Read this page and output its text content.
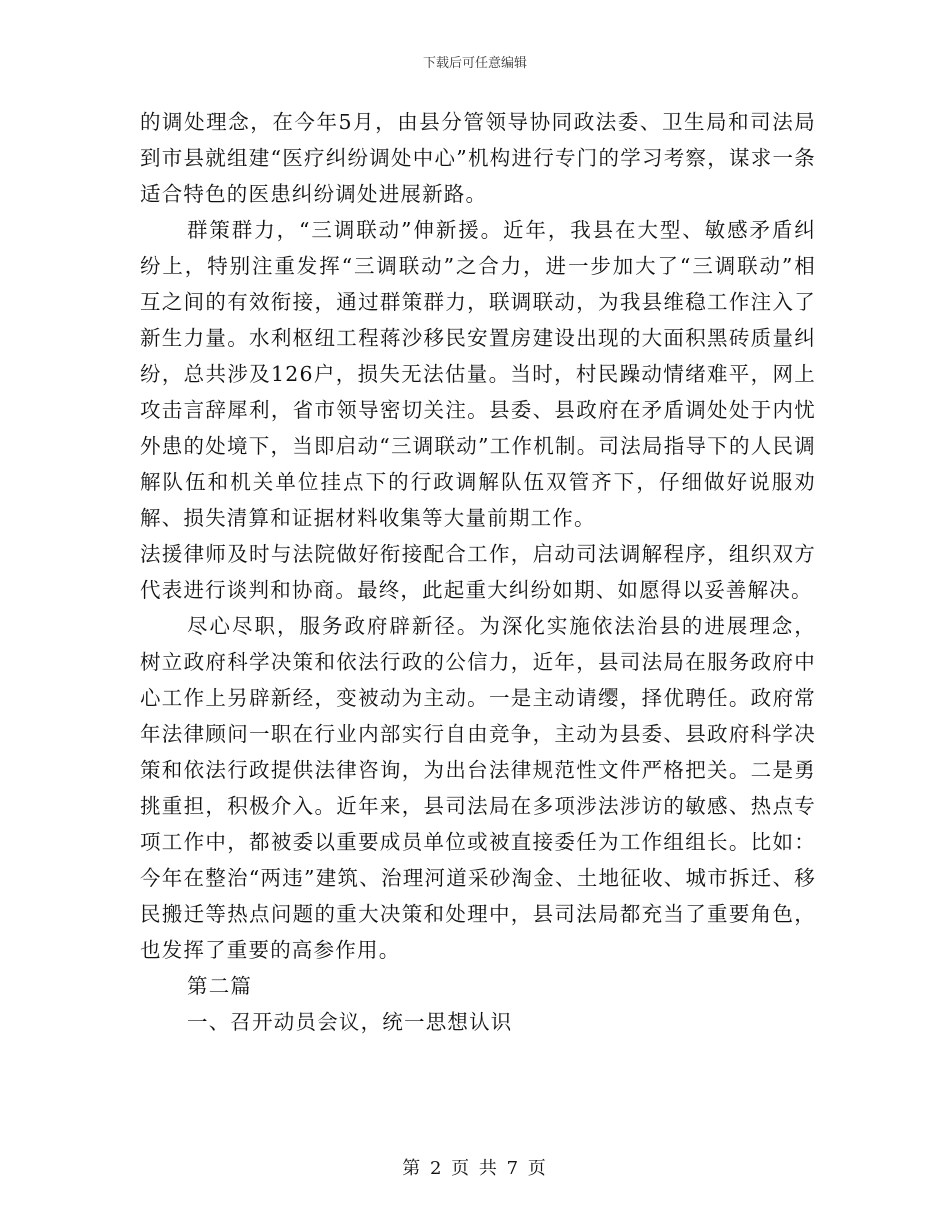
下载后可任意编辑

的调处理念，在今年5月，由县分管领导协同政法委、卫生局和司法局到市县就组建“医疗纠纷调处中心”机构进行专门的学习考察，谋求一条适合特色的医患纠纷调处进展新路。

群策群力，“三调联动”伸新援。近年，我县在大型、敏感矛盾纠纷上，特别注重发挥“三调联动”之合力，进一步加大了“三调联动”相互之间的有效衔接，通过群策群力，联调联动，为我县维稳工作注入了新生力量。水利枢纽工程蒋沙移民安置房建设出现的大面积黑砖质量纠纷，总共涉及126户，损失无法估量。当时，村民躁动情绪难平，网上攻击言辞犀利，省市领导密切关注。县委、县政府在矛盾调处处于内忧外患的处境下，当即启动“三调联动”工作机制。司法局指导下的人民调解队伍和机关单位挂点下的行政调解队伍双管齐下，仔细做好说服劝解、损失清算和证据材料收集等大量前期工作。

法援律师及时与法院做好衔接配合工作，启动司法调解程序，组织双方代表进行谈判和协商。最终，此起重大纠纷如期、如愿得以妥善解决。

尽心尽职，服务政府辟新径。为深化实施依法治县的进展理念，树立政府科学决策和依法行政的公信力，近年，县司法局在服务政府中心工作上另辟新经，变被动为主动。一是主动请缨，择优聘任。政府常年法律顾问一职在行业内部实行自由竞争，主动为县委、县政府科学决策和依法行政提供法律咨询，为出台法律规范性文件严格把关。二是勇挑重担，积极介入。近年来，县司法局在多项涉法涉访的敏感、热点专项工作中，都被委以重要成员单位或被直接委任为工作组组长。比如：今年在整治“两违”建筑、治理河道采砂淘金、土地征收、城市拆迁、移民搬迁等热点问题的重大决策和处理中，县司法局都充当了重要角色，也发挥了重要的高参作用。

第二篇

一、召开动员会议，统一思想认识

第 2 页 共 7 页
